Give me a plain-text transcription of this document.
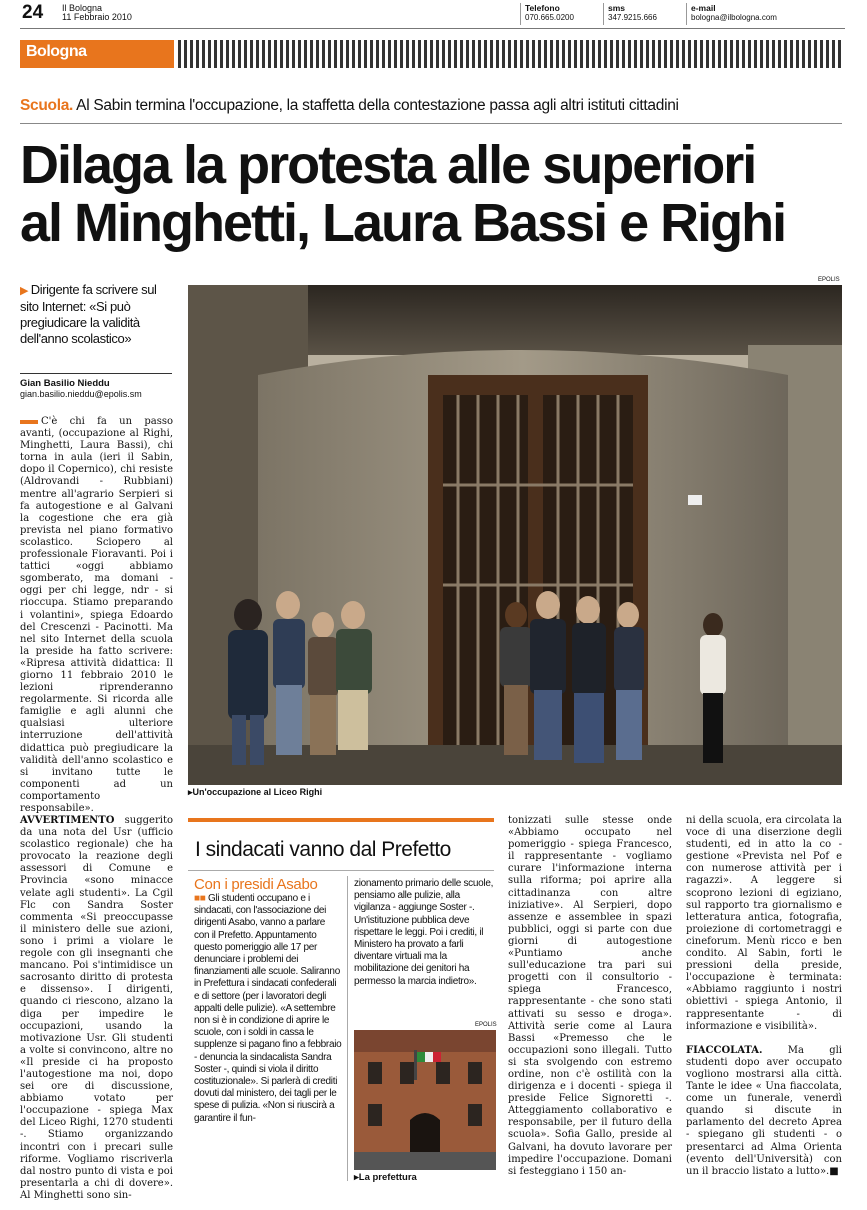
24 Il Bologna
11 Febbraio 2010
Telefono
070.665.0200
sms
347.9215.666
e-mail
bologna@ilbologna.com
Bologna
Scuola. Al Sabin termina l'occupazione, la staffetta della contestazione passa agli altri istituti cittadini
Dilaga la protesta alle superiori
al Minghetti, Laura Bassi e Righi
▶ Dirigente fa scrivere sul sito Internet: «Si può pregiudicare la validità dell'anno scolastico»
Gian Basilio Nieddu
gian.basilio.nieddu@epolis.sm
C'è chi fa un passo avanti, (occupazione al Righi, Minghetti, Laura Bassi), chi torna in aula (ieri il Sabin, dopo il Copernico), chi resiste (Aldrovandi - Rubbiani) mentre all'agrario Serpieri si fa autogestione e al Galvani la cogestione che era già prevista nel piano formativo scolastico. Sciopero al professionale Fioravanti. Poi i tattici «oggi abbiamo sgomberato, ma domani - oggi per chi legge, ndr - si rioccupa. Stiamo preparando i volantini», spiega Edoardo del Crescenzi - Pacinotti. Ma nel sito Internet della scuola la preside ha fatto scrivere: «Ripresa attività didattica: Il giorno 11 febbraio 2010 le lezioni riprenderanno regolarmente. Si ricorda alle famiglie e agli alunni che qualsiasi ulteriore interruzione dell'attività didattica può pregiudicare la validità dell'anno scolastico e si invitano tutte le componenti ad un comportamento responsabile».
EPOLIS
▸Un'occupazione al Liceo Righi
AVVERTIMENTO suggerito da una nota del Usr (ufficio scolastico regionale) che ha provocato la reazione degli assessori di Comune e Provincia «sono minacce velate agli studenti». La Cgil Flc con Sandra Soster commenta «Si preoccupasse il ministero delle sue azioni, sono i primi a violare le regole con gli insegnanti che mancano. Poi s'intimidisce un sacrosanto diritto di protesta e dissenso». I dirigenti, quando ci riescono, alzano la diga per impedire le occupazioni, usando la motivazione Usr. Gli studenti a volte si convincono, altre no «Il preside ci ha proposto l'autogestione ma noi, dopo sei ore di discussione, abbiamo votato per l'occupazione - spiega Max del Liceo Righi, 1270 studenti -. Stiamo organizzando incontri con i precari sulle riforme. Vogliamo riscriverla dal nostro punto di vista e poi presentarla a chi di dovere». Al Minghetti sono sin-
I sindacati vanno dal Prefetto
Con i presidi Asabo
■■ Gli studenti occupano e i sindacati, con l'associazione dei dirigenti Asabo, vanno a parlare con il Prefetto. Appuntamento questo pomeriggio alle 17 per denunciare i problemi dei finanziamenti alle scuole. Saliranno in Prefettura i sindacati confederali e di settore (per i lavoratori degli appalti delle pulizie). «A settembre non si è in condizione di aprire le scuole, con i soldi in cassa le supplenze si pagano fino a febbraio - denuncia la sindacalista Sandra Soster -, quindi si viola il diritto costituzionale». Si parlerà di crediti dovuti dal ministero, dei tagli per le spese di pulizia. «Non si riuscirà a garantire il fun-
zionamento primario delle scuole, pensiamo alle pulizie, alla vigilanza - aggiunge Soster -. Un'istituzione pubblica deve rispettare le leggi. Poi i crediti, il Ministero ha provato a farli diventare virtuali ma la mobilitazione dei genitori ha permesso la marcia indietro».
EPOLIS
▸La prefettura
tonizzati sulle stesse onde «Abbiamo occupato nel pomeriggio - spiega Francesco, il rappresentante - vogliamo curare l'informazione interna sulla riforma; poi aprire alla cittadinanza con altre iniziative». Al Serpieri, dopo assenze e assemblee in spazi pubblici, oggi si parte con due giorni di autogestione «Puntiamo anche sull'educazione tra pari sui progetti con il consultorio - spiega Francesco, rappresentante - che sono stati attivati su sesso e droga». Attività serie come al Laura Bassi «Premesso che le occupazioni sono illegali. Tutto si sta svolgendo con estremo ordine, non c'è ostilità con la dirigenza e i docenti - spiega il preside Felice Signoretti -. Atteggiamento collaborativo e responsabile, per il futuro della scuola». Sofia Gallo, preside al Galvani, ha dovuto lavorare per impedire l'occupazione. Domani si festeggiano i 150 an-
ni della scuola, era circolata la voce di una diserzione degli studenti, ed in atto la co - gestione «Prevista nel Pof e con numerose attività per i ragazzi». A leggere si scoprono lezioni di egiziano, sul rapporto tra giornalismo e letteratura antica, fotografia, proiezione di cortometraggi e cineforum. Menù ricco e ben condito. Al Sabin, forti le pressioni della preside, l'occupazione è terminata: «Abbiamo raggiunto i nostri obiettivi - spiega Antonio, il rappresentante - di informazione e visibilità».

FIACCOLATA. Ma gli studenti dopo aver occupato vogliono mostrarsi alla città. Tante le idee « Una fiaccolata, come un funerale, venerdì quando si discute in parlamento del decreto Aprea - spiegano gli studenti - o presentarci ad Alma Orienta (evento dell'Università) con un il braccio listato a lutto».■
